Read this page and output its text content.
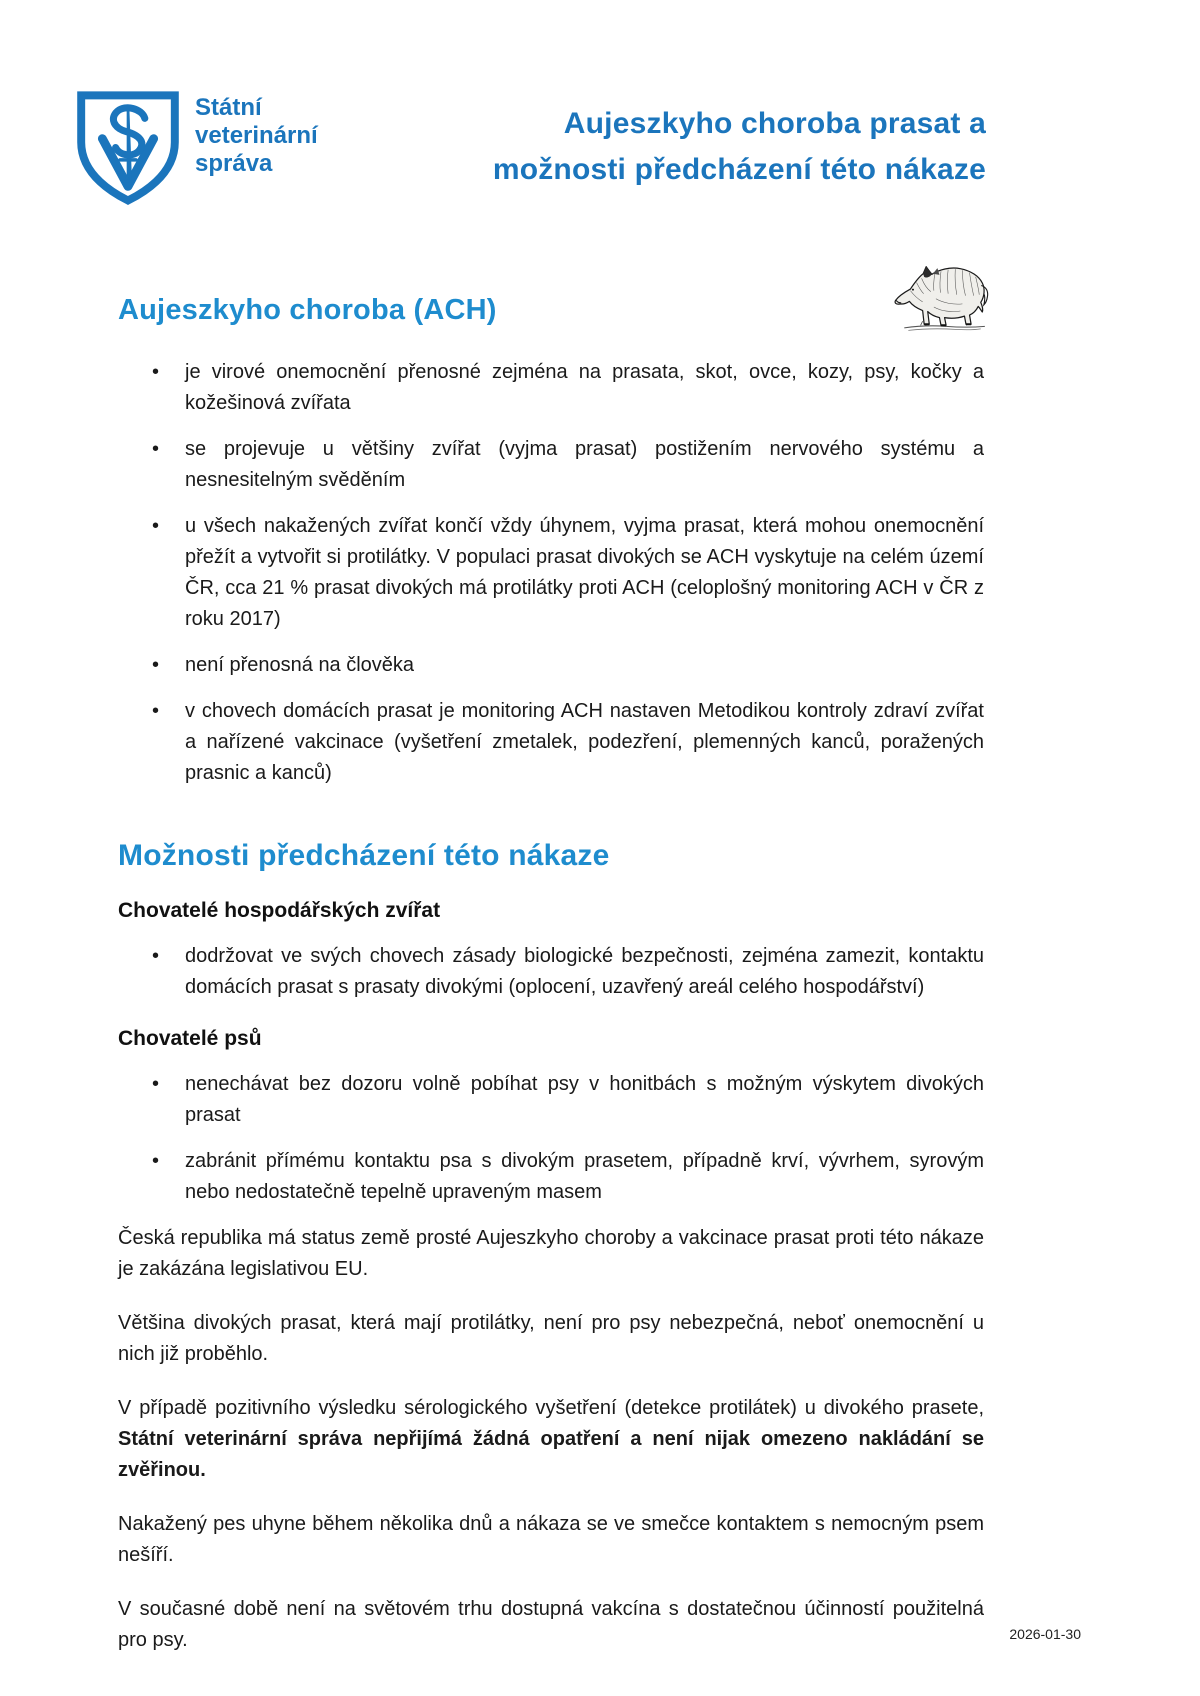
Státní
veterinární
správa
Aujeszkyho choroba prasat a
možnosti předcházení této nákaze
Aujeszkyho choroba (ACH)
• je virové onemocnění přenosné zejména na prasata, skot, ovce, kozy, psy, kočky a kožešinová zvířata
• se projevuje u většiny zvířat (vyjma prasat) postižením nervového systému a nesnesitelným svěděním
• u všech nakažených zvířat končí vždy úhynem, vyjma prasat, která mohou onemocnění přežít a vytvořit si protilátky. V populaci prasat divokých se ACH vyskytuje na celém území ČR, cca 21 % prasat divokých má protilátky proti ACH (celoplošný monitoring ACH v ČR z roku 2017)
• není přenosná na člověka
• v chovech domácích prasat je monitoring ACH nastaven Metodikou kontroly zdraví zvířat a nařízené vakcinace (vyšetření zmetalek, podezření, plemenných kanců, poražených prasnic a kanců)
Možnosti předcházení této nákaze
Chovatelé hospodářských zvířat
• dodržovat ve svých chovech zásady biologické bezpečnosti, zejména zamezit, kontaktu domácích prasat s prasaty divokými (oplocení, uzavřený areál celého hospodářství)
Chovatelé psů
• nenechávat bez dozoru volně pobíhat psy v honitbách s možným výskytem divokých prasat
• zabránit přímému kontaktu psa s divokým prasetem, případně krví, vývrhem, syrovým nebo nedostatečně tepelně upraveným masem

Česká republika má status země prosté Aujeszkyho choroby a vakcinace prasat proti této nákaze je zakázána legislativou EU.

Většina divokých prasat, která mají protilátky, není pro psy nebezpečná, neboť onemocnění u nich již proběhlo.

V případě pozitivního výsledku sérologického vyšetření (detekce protilátek) u divokého prasete, Státní veterinární správa nepřijímá žádná opatření a není nijak omezeno nakládání se zvěřinou.

Nakažený pes uhyne během několika dnů a nákaza se ve smečce kontaktem s nemocným psem nešíří.

V současné době není na světovém trhu dostupná vakcína s dostatečnou účinností použitelná pro psy.	2026-01-30
